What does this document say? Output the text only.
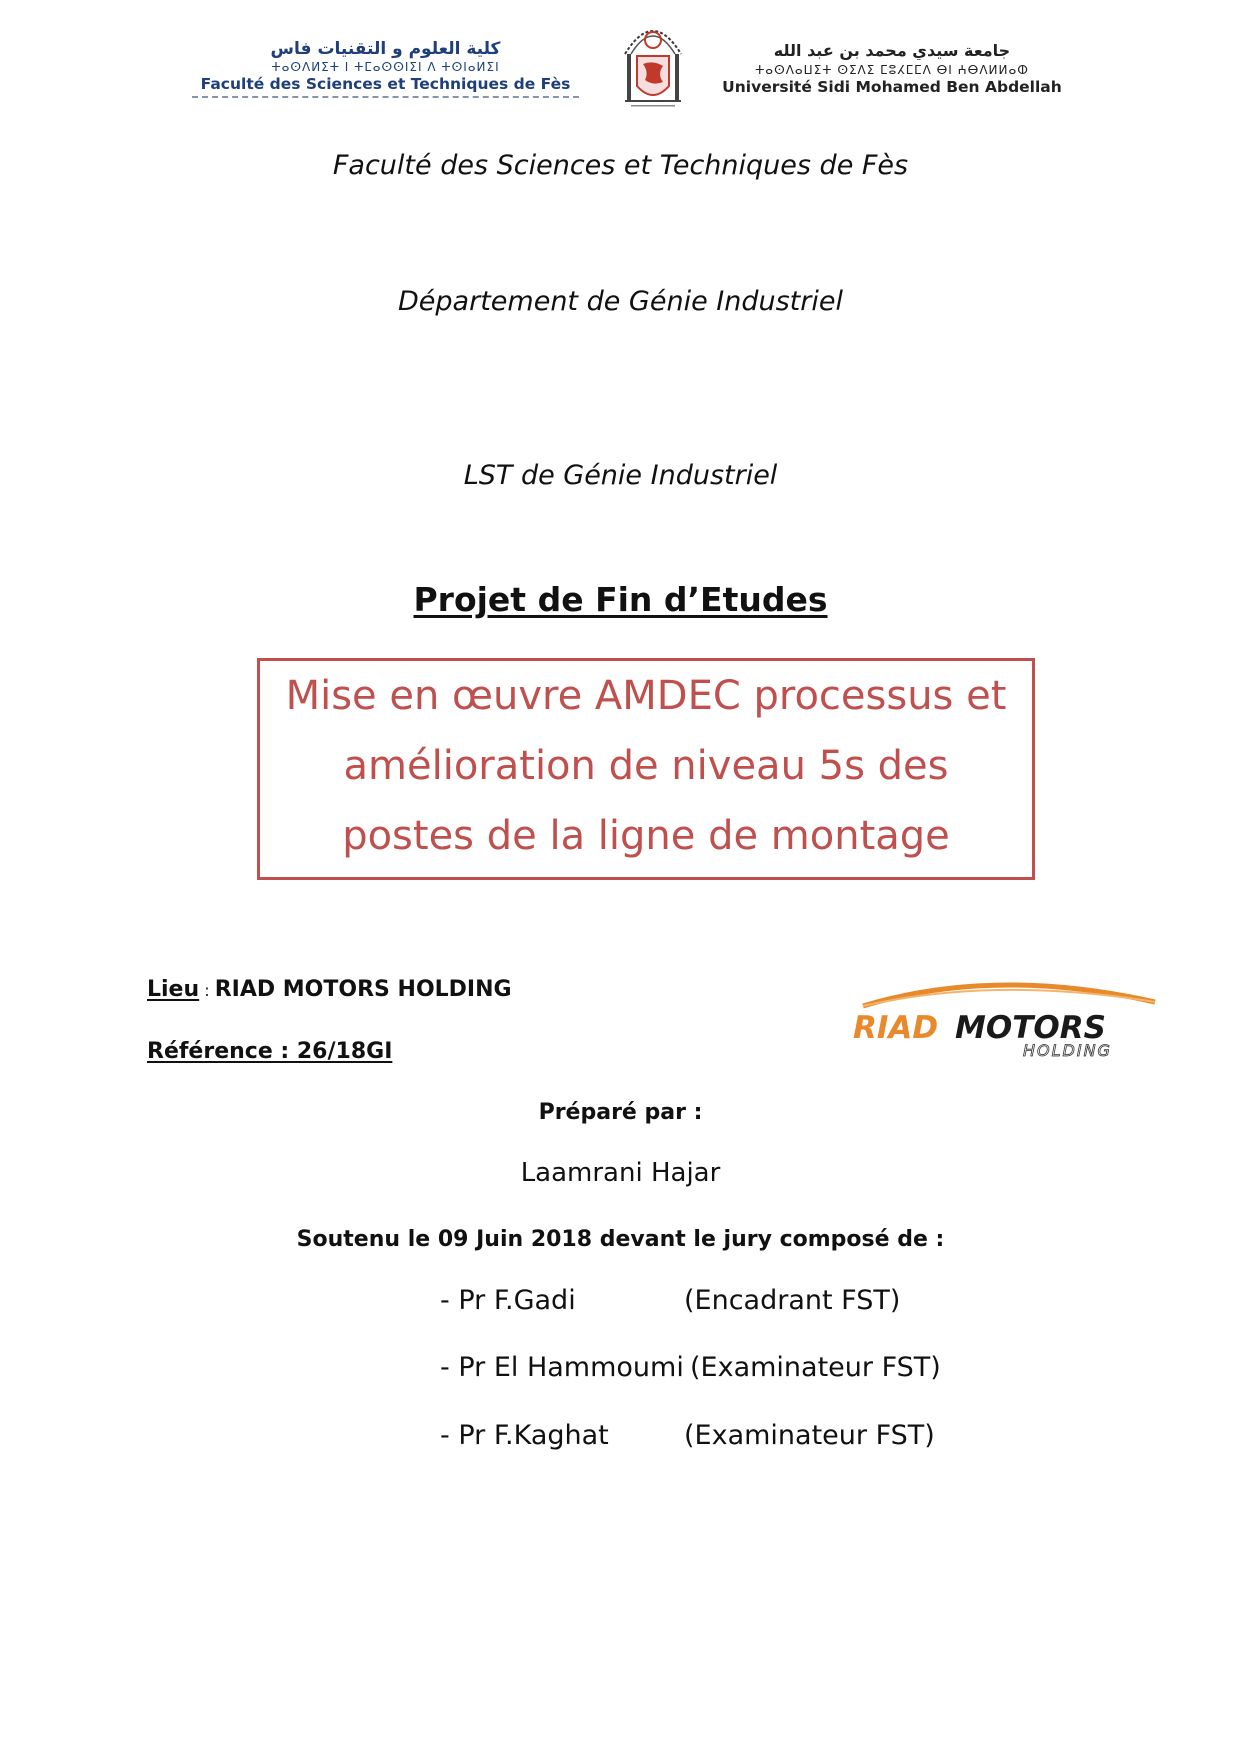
كلية العلوم و التقنيات فاس
ⵜⴰⵙⴷⵍⵉⵜ ⵏ ⵜⵎⴰⵙⵙⵏⵉⵏ ⴷ ⵜⵙⵏⴰⵍⵉⵏ
Faculté des Sciences et Techniques de Fès
جامعة سيدي محمد بن عبد الله
ⵜⴰⵙⴷⴰⵡⵉⵜ ⵙⵉⴷⵉ ⵎⵓⵃⵎⵎⴷ ⴱⵏ ⵄⴱⴷⵍⵍⴰⵀ
Université Sidi Mohamed Ben Abdellah
Faculté des Sciences et Techniques de Fès
Département de Génie Industriel
LST de Génie Industriel
Projet de Fin d’Etudes
Mise en œuvre AMDEC processus et
amélioration de niveau 5s des
postes de la ligne de montage
Lieu : RIAD MOTORS HOLDING
Référence : 26/18GI
RIAD MOTORS
HOLDING
Préparé par :
Laamrani Hajar
Soutenu le 09 Juin 2018 devant le jury composé de :
- Pr F.Gadi	(Encadrant FST)
- Pr El Hammoumi (Examinateur FST)
- Pr F.Kaghat	(Examinateur FST)
